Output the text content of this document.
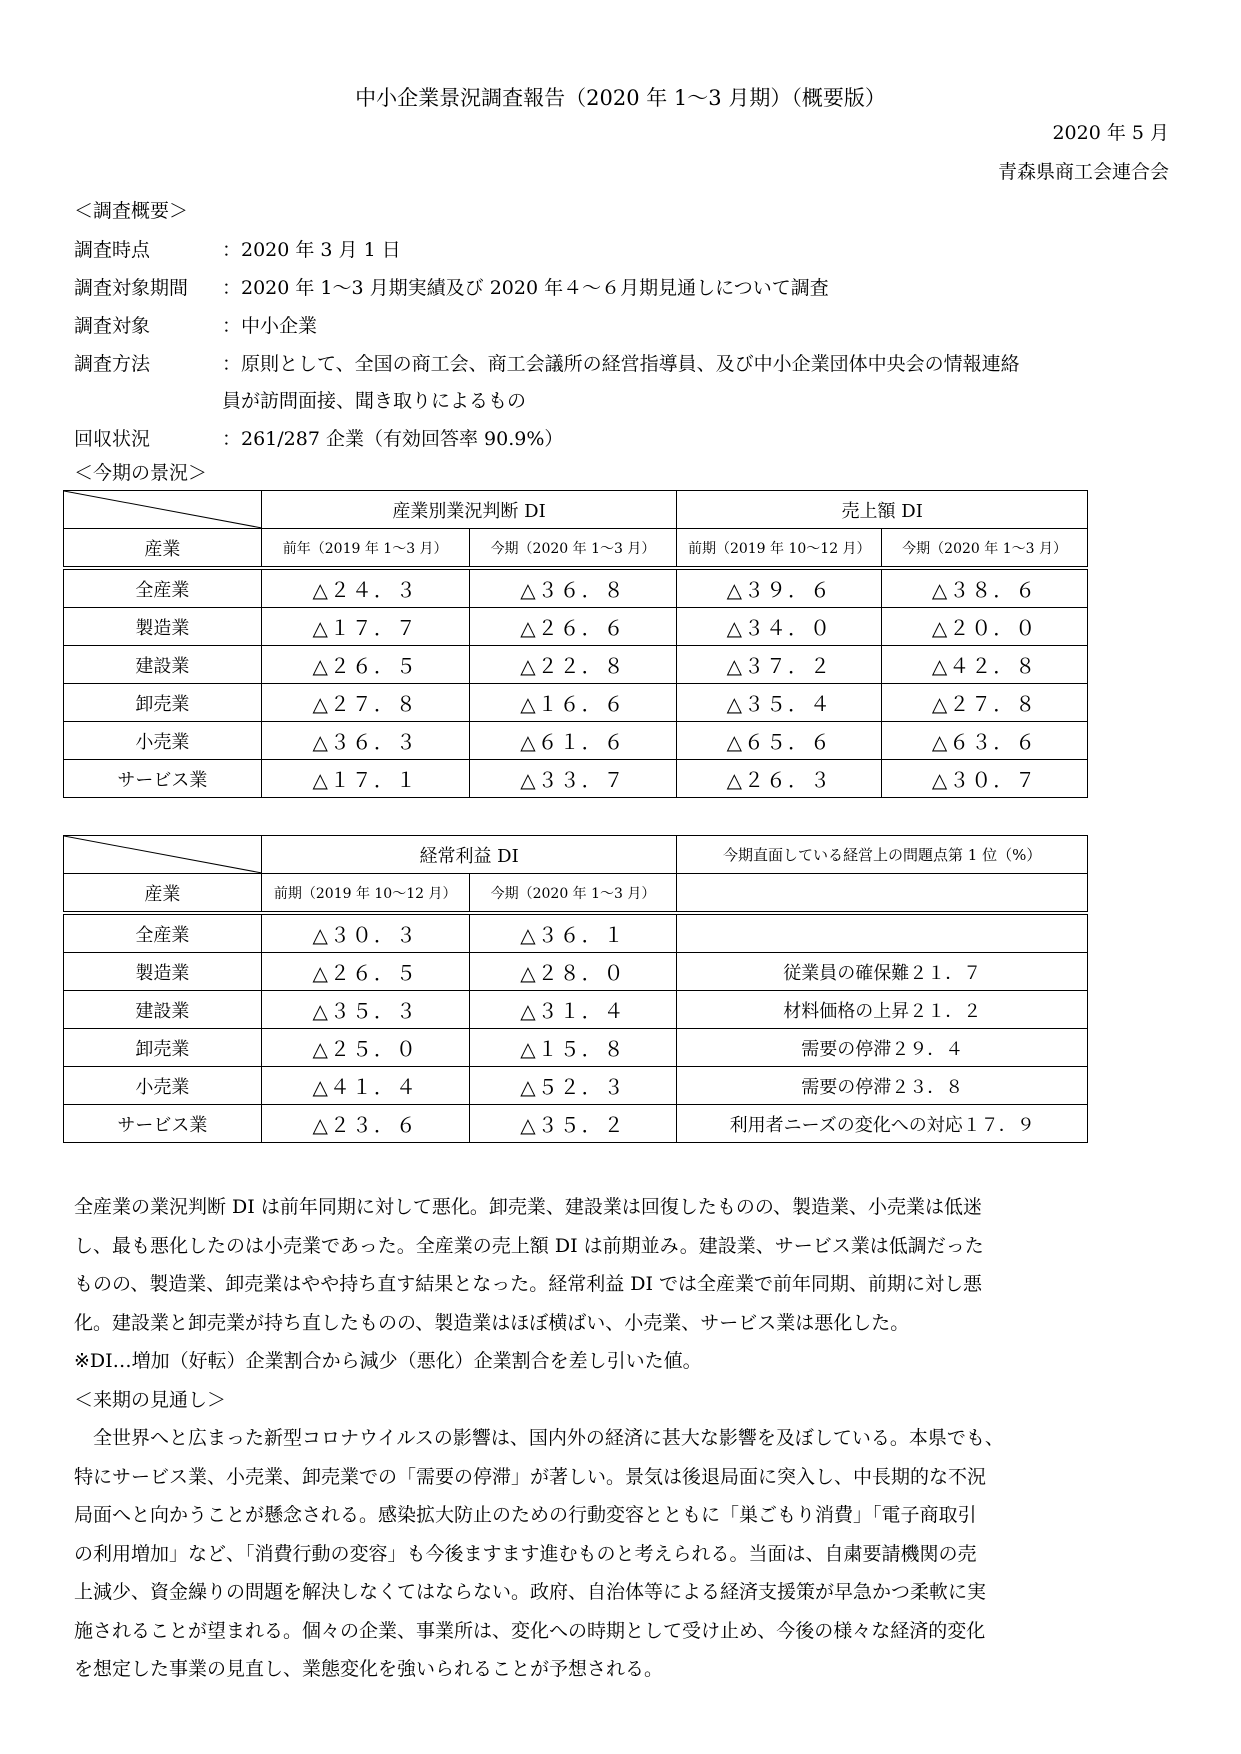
中小企業景況調査報告（2020 年 1～3 月期）（概要版）
2020 年 5 月
青森県商工会連合会
＜調査概要＞
調査時点	：2020 年 3 月 1 日
調査対象期間 ：2020 年 1～3 月期実績及び 2020 年４～６月期見通しについて調査
調査対象	：中小企業
調査方法	：原則として、全国の商工会、商工会議所の経営指導員、及び中小企業団体中央会の情報連絡
員が訪問面接、聞き取りによるもの
回収状況	：261/287 企業（有効回答率 90.9%）
＜今期の景況＞
	産業別業況判断 DI		売上額 DI	
産業	前年（2019 年 1～3 月）	今期（2020 年 1～3 月）	前期（2019 年 10～12 月）	今期（2020 年 1～3 月）
全産業	△２４．３	△３６．８	△３９．６	△３８．６
製造業	△１７．７	△２６．６	△３４．０	△２０．０
建設業	△２６．５	△２２．８	△３７．２	△４２．８
卸売業	△２７．８	△１６．６	△３５．４	△２７．８
小売業	△３６．３	△６１．６	△６５．６	△６３．６
サービス業	△１７．１	△３３．７	△２６．３	△３０．７
	経常利益 DI		今期直面している経営上の問題点第 1 位（%）
産業	前期（2019 年 10～12 月）	今期（2020 年 1～3 月）	
全産業	△３０．３	△３６．１	
製造業	△２６．５	△２８．０	従業員の確保難２１．７
建設業	△３５．３	△３１．４	材料価格の上昇２１．２
卸売業	△２５．０	△１５．８	需要の停滞２９．４
小売業	△４１．４	△５２．３	需要の停滞２３．８
サービス業	△２３．６	△３５．２	利用者ニーズの変化への対応１７．９

全産業の業況判断 DI は前年同期に対して悪化。卸売業、建設業は回復したものの、製造業、小売業は低迷

し、最も悪化したのは小売業であった。全産業の売上額 DI は前期並み。建設業、サービス業は低調だった

ものの、製造業、卸売業はやや持ち直す結果となった。経常利益 DI では全産業で前年同期、前期に対し悪

化。建設業と卸売業が持ち直したものの、製造業はほぼ横ばい、小売業、サービス業は悪化した。

※DI…増加（好転）企業割合から減少（悪化）企業割合を差し引いた値。

＜来期の見通し＞

全世界へと広まった新型コロナウイルスの影響は、国内外の経済に甚大な影響を及ぼしている。本県でも、

特にサービス業、小売業、卸売業での「需要の停滞」が著しい。景気は後退局面に突入し、中長期的な不況

局面へと向かうことが懸念される。感染拡大防止のための行動変容とともに「巣ごもり消費」「電子商取引

の利用増加」など、「消費行動の変容」も今後ますます進むものと考えられる。当面は、自粛要請機関の売

上減少、資金繰りの問題を解決しなくてはならない。政府、自治体等による経済支援策が早急かつ柔軟に実

施されることが望まれる。個々の企業、事業所は、変化への時期として受け止め、今後の様々な経済的変化

を想定した事業の見直し、業態変化を強いられることが予想される。
